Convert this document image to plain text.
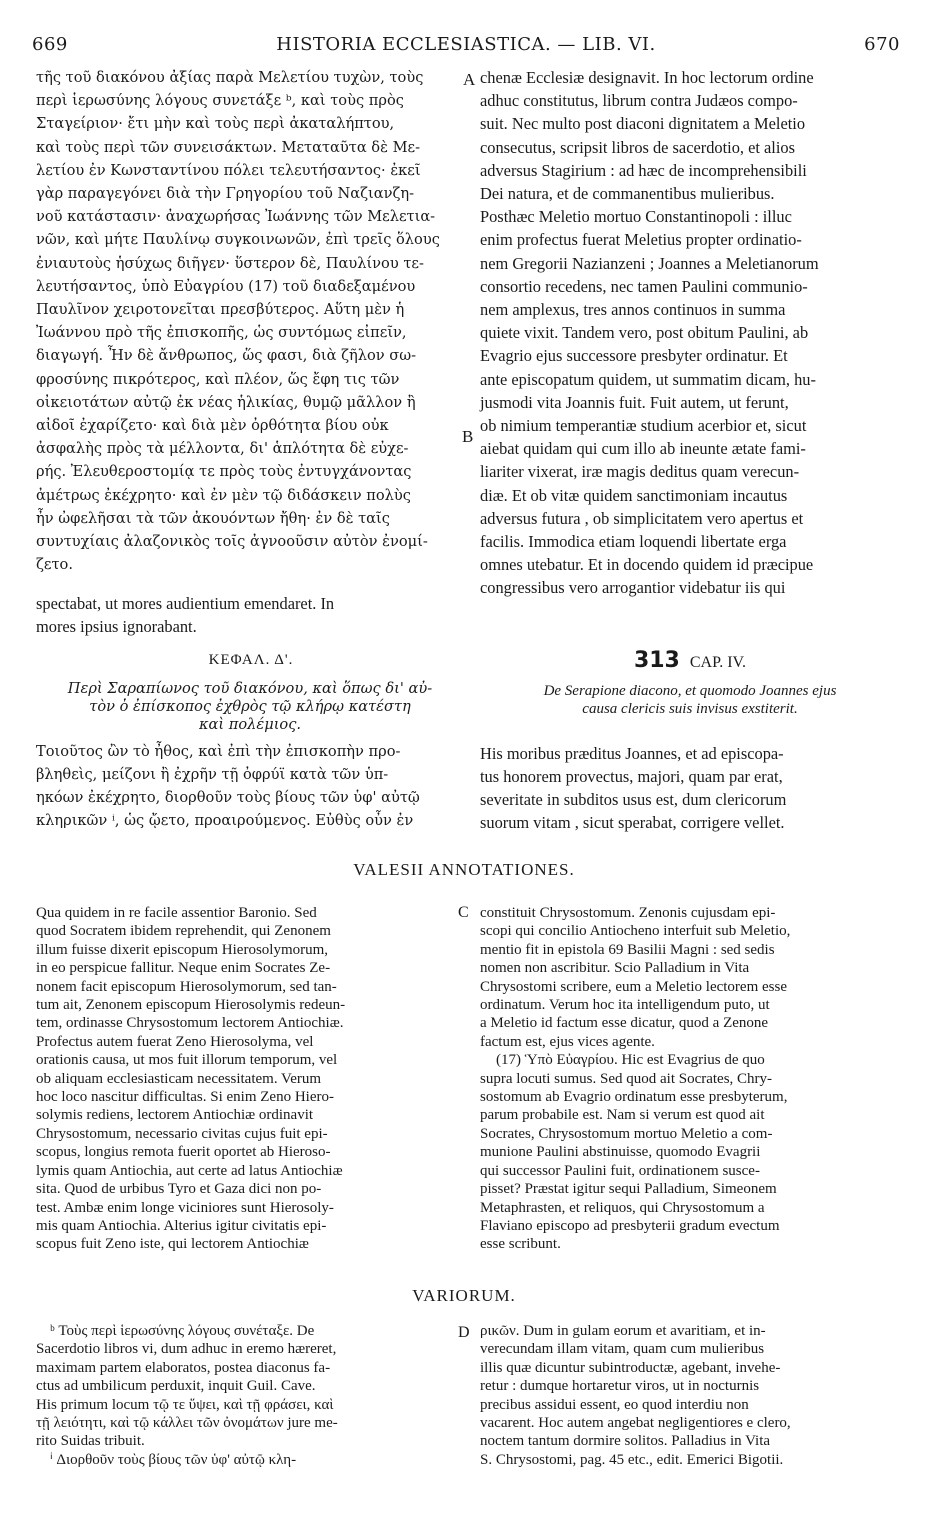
669	HISTORIA ECCLESIASTICA. — LIB. VI.	670
τῆς τοῦ διακόνου ἀξίας παρὰ Μελετίου τυχὼν, τοὺς
περὶ ἱερωσύνης λόγους συνετάξε ᵇ, καὶ τοὺς πρὸς
Σταγείριον· ἔτι μὴν καὶ τοὺς περὶ ἀκαταλήπτου,
καὶ τοὺς περὶ τῶν συνεισάκτων. Μεταταῦτα δὲ Με-
λετίου ἐν Κωνσταντίνου πόλει τελευτήσαντος· ἐκεῖ
γὰρ παραγεγόνει διὰ τὴν Γρηγορίου τοῦ Ναζιανζη-
νοῦ κατάστασιν· ἀναχωρήσας Ἰωάννης τῶν Μελετια-
νῶν, καὶ μήτε Παυλίνῳ συγκοινωνῶν, ἐπὶ τρεῖς ὅλους
ἐνιαυτοὺς ἡσύχως διῆγεν· ὕστερον δὲ, Παυλίνου τε-
λευτήσαντος, ὑπὸ Εὐαγρίου (17) τοῦ διαδεξαμένου
Παυλῖνον χειροτονεῖται πρεσβύτερος. Αὕτη μὲν ἡ
Ἰωάννου πρὸ τῆς ἐπισκοπῆς, ὡς συντόμως εἰπεῖν,
διαγωγή. Ἦν δὲ ἄνθρωπος, ὥς φασι, διὰ ζῆλον σω-
φροσύνης πικρότερος, καὶ πλέον, ὥς ἔφη τις τῶν
οἰκειοτάτων αὐτῷ ἐκ νέας ἡλικίας, θυμῷ μᾶλλον ἢ
αἰδοῖ ἐχαρίζετο· καὶ διὰ μὲν ὀρθότητα βίου οὐκ
ἀσφαλὴς πρὸς τὰ μέλλοντα, δι' ἁπλότητα δὲ εὐχε-
ρής. Ἐλευθεροστομίᾳ τε πρὸς τοὺς ἐντυγχάνοντας
ἀμέτρως ἐκέχρητο· καὶ ἐν μὲν τῷ διδάσκειν πολὺς
ἦν ὠφελῆσαι τὰ τῶν ἀκουόντων ἤθη· ἐν δὲ ταῖς
συντυχίαις ἀλαζονικὸς τοῖς ἀγνοοῦσιν αὐτὸν ἐνομί-
ζετο.
spectabat, ut mores audientium emendaret. In
mores ipsius ignorabant.
chenæ Ecclesiæ designavit. In hoc lectorum ordine
adhuc constitutus, librum contra Judæos compo-
suit. Nec multo post diaconi dignitatem a Meletio
consecutus, scripsit libros de sacerdotio, et alios
adversus Stagirium : ad hæc de incomprehensibili
Dei natura, et de commanentibus mulieribus.
Posthæc Meletio mortuo Constantinopoli : illuc
enim profectus fuerat Meletius propter ordinatio-
nem Gregorii Nazianzeni ; Joannes a Meletianorum
consortio recedens, nec tamen Paulini communio-
nem amplexus, tres annos continuos in summa
quiete vixit. Tandem vero, post obitum Paulini, ab
Evagrio ejus successore presbyter ordinatur. Et
ante episcopatum quidem, ut summatim dicam, hu-
jusmodi vita Joannis fuit. Fuit autem, ut ferunt,
ob nimium temperantiæ studium acerbior et, sicut
aiebat quidam qui cum illo ab ineunte ætate fami-
liariter vixerat, iræ magis deditus quam verecun-
diæ. Et ob vitæ quidem sanctimoniam incautus
adversus futura , ob simplicitatem vero apertus et
facilis. Immodica etiam loquendi libertate erga
omnes utebatur. Et in docendo quidem id præcipue
congressibus vero arrogantior videbatur iis qui
A
B
ΚΕΦΑΛ. Δ'.
Περὶ Σαραπίωνος τοῦ διακόνου, καὶ ὅπως δι' αὐ-
τὸν ὁ ἐπίσκοπος ἐχθρὸς τῷ κλήρῳ κατέστη
καὶ πολέμιος.
Τοιοῦτος ὢν τὸ ἦθος, καὶ ἐπὶ τὴν ἐπισκοπὴν προ-
βληθεὶς, μείζονι ἢ ἐχρῆν τῇ ὀφρύϊ κατὰ τῶν ὑπ-
ηκόων ἐκέχρητο, διορθοῦν τοὺς βίους τῶν ὑφ' αὐτῷ
κληρικῶν ⁱ, ὡς ᾤετο, προαιρούμενος. Εὐθὺς οὖν ἐν
313 CAP. IV.
De Serapione diacono, et quomodo Joannes ejus
causa clericis suis invisus exstiterit.
His moribus præditus Joannes, et ad episcopa-
tus honorem provectus, majori, quam par erat,
severitate in subditos usus est, dum clericorum
suorum vitam , sicut sperabat, corrigere vellet.
VALESII ANNOTATIONES.
Qua quidem in re facile assentior Baronio. Sed
quod Socratem ibidem reprehendit, qui Zenonem
illum fuisse dixerit episcopum Hierosolymorum,
in eo perspicue fallitur. Neque enim Socrates Ze-
nonem facit episcopum Hierosolymorum, sed tan-
tum ait, Zenonem episcopum Hierosolymis redeun-
tem, ordinasse Chrysostomum lectorem Antiochiæ.
Profectus autem fuerat Zeno Hierosolyma, vel
orationis causa, ut mos fuit illorum temporum, vel
ob aliquam ecclesiasticam necessitatem. Verum
hoc loco nascitur difficultas. Si enim Zeno Hiero-
solymis rediens, lectorem Antiochiæ ordinavit
Chrysostomum, necessario civitas cujus fuit epi-
scopus, longius remota fuerit oportet ab Hieroso-
lymis quam Antiochia, aut certe ad latus Antiochiæ
sita. Quod de urbibus Tyro et Gaza dici non po-
test. Ambæ enim longe viciniores sunt Hierosoly-
mis quam Antiochia. Alterius igitur civitatis epi-
scopus fuit Zeno iste, qui lectorem Antiochiæ
constituit Chrysostomum. Zenonis cujusdam epi-
scopi qui concilio Antiocheno interfuit sub Meletio,
mentio fit in epistola 69 Basilii Magni : sed sedis
nomen non ascribitur. Scio Palladium in Vita
Chrysostomi scribere, eum a Meletio lectorem esse
ordinatum. Verum hoc ita intelligendum puto, ut
a Meletio id factum esse dicatur, quod a Zenone
factum est, ejus vices agente.
(17) Ὑπὸ Εὐαγρίου. Hic est Evagrius de quo
supra locuti sumus. Sed quod ait Socrates, Chry-
sostomum ab Evagrio ordinatum esse presbyterum,
parum probabile est. Nam si verum est quod ait
Socrates, Chrysostomum mortuo Meletio a com-
munione Paulini abstinuisse, quomodo Evagrii
qui successor Paulini fuit, ordinationem susce-
pisset? Præstat igitur sequi Palladium, Simeonem
Metaphrasten, et reliquos, qui Chrysostomum a
Flaviano episcopo ad presbyterii gradum evectum
esse scribunt.
C
VARIORUM.
ᵇ Τοὺς περὶ ἱερωσύνης λόγους συνέταξε. De
Sacerdotio libros vi, dum adhuc in eremo hæreret,
maximam partem elaboratos, postea diaconus fa-
ctus ad umbilicum perduxit, inquit Guil. Cave.
His primum locum τῷ τε ὕψει, καὶ τῇ φράσει, καὶ
τῇ λειότητι, καὶ τῷ κάλλει τῶν ὀνομάτων jure me-
rito Suidas tribuit.
ⁱ Διορθοῦν τοὺς βίους τῶν ὑφ' αὐτῷ κλη-
ρικῶν. Dum in gulam eorum et avaritiam, et in-
verecundam illam vitam, quam cum mulieribus
illis quæ dicuntur subintroductæ, agebant, invehe-
retur : dumque hortaretur viros, ut in nocturnis
precibus assidui essent, eo quod interdiu non
vacarent. Hoc autem angebat negligentiores e clero,
noctem tantum dormire solitos. Palladius in Vita
S. Chrysostomi, pag. 45 etc., edit. Emerici Bigotii.
D
